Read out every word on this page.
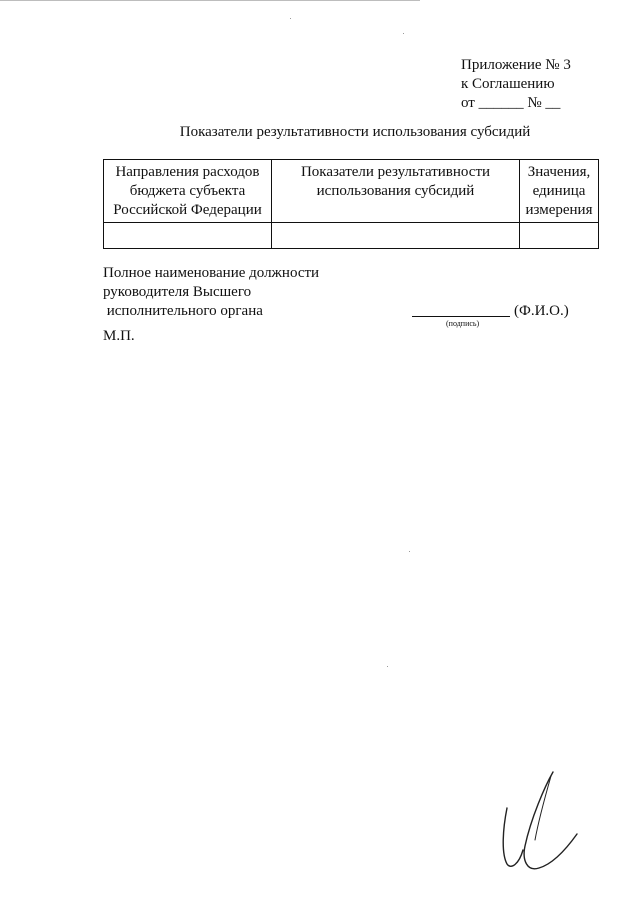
Приложение № 3
к Соглашению
от ______ № __
Показатели результативности использования субсидий
Направления расходов бюджета субъекта Российской Федерации	Показатели результативности использования субсидий	Значения, единица измерения

Полное наименование должности
руководителя Высшего
исполнительного органа	(Ф.И.О.)
(подпись)
М.П.
